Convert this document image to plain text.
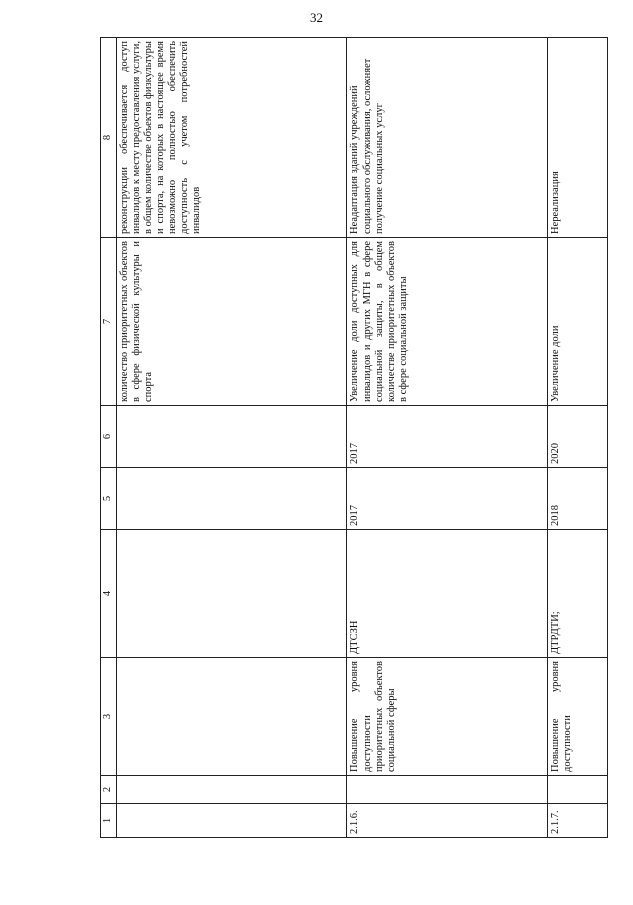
32
1	2	3	4	5	6	7	8
						количество приоритетных объектов в сфере физической культуры и спорта	реконструкции обеспечивается доступ инвалидов к месту предоставления услуги, в общем количестве объектов физкультуры и спорта, на которых в настоящее время невозможно полностью обеспечить доступность с учетом потребностей инвалидов
2.1.6.		Повышение уровня доступности приоритетных объектов социальной сферы	ДТСЗН	2017	2017	Увеличение доли доступных для инвалидов и других МГН в сфере социальной защиты, в общем количестве приоритетных объектов в сфере социальной защиты	Неадаптация зданий учреждений социального обслуживания, осложняет получение социальных услуг
2.1.7.		Повышение уровня доступности	ДТРДТИ;	2018	2020	Увеличение доли	Нереализация
